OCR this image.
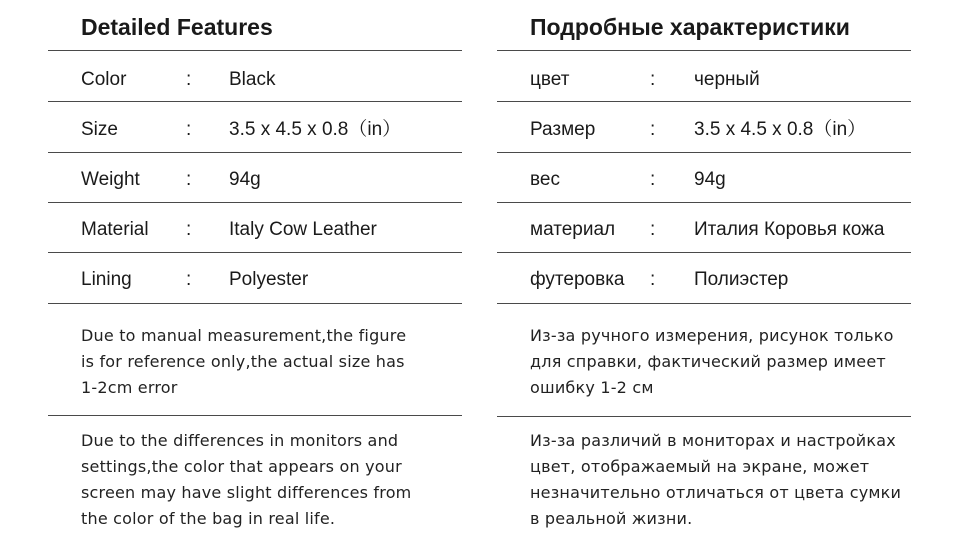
Detailed Features
Color	: Black
Size	: 3.5 x 4.5 x 0.8（in）
Weight : 94g
Material : Italy Cow Leather
Lining	: Polyester
Due to manual measurement,the figure
is for reference only,the actual size has
1-2cm error
Due to the differences in monitors and
settings,the color that appears on your
screen may have slight differences from
the color of the bag in real life.
Подробные характеристики
цвет	: черный
Размер	: 3.5 x 4.5 x 0.8（in）
вес	: 94g
материал : Италия Коровья кожа
футеровка : Полиэстер
Из-за ручного измерения, рисунок только
для справки, фактический размер имеет
ошибку 1-2 см
Из-за различий в мониторах и настройках
цвет, отображаемый на экране, может
незначительно отличаться от цвета сумки
в реальной жизни.
